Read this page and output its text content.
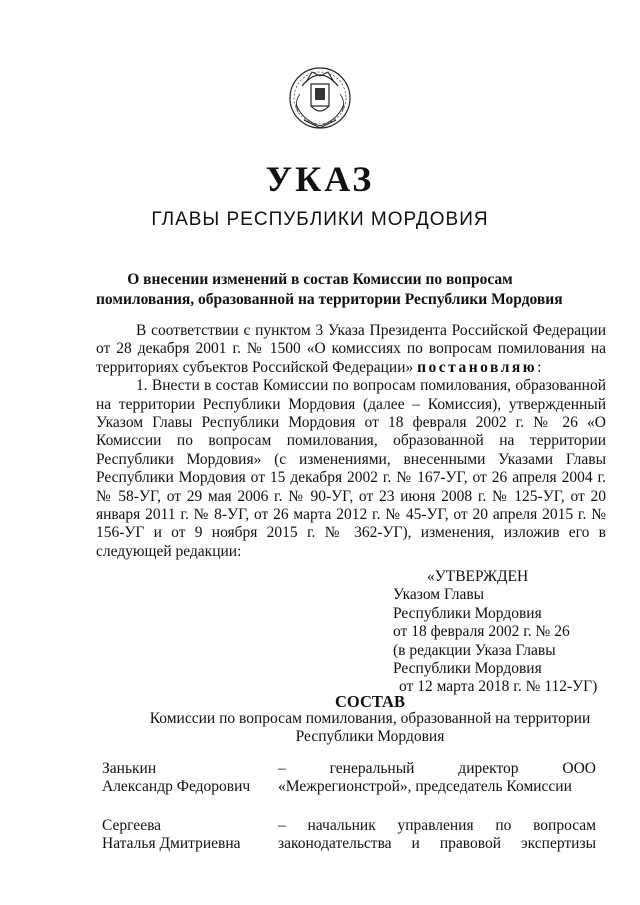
УКАЗ
ГЛАВЫ РЕСПУБЛИКИ МОРДОВИЯ
О внесении изменений в состав Комиссии по вопросам
помилования, образованной на территории Республики Мордовия

В соответствии с пунктом 3 Указа Президента Российской Федерации от 28 декабря 2001 г. № 1500 «О комиссиях по вопросам помилования на территориях субъектов Российской Федерации» постановляю:

1. Внести в состав Комиссии по вопросам помилования, образованной на территории Республики Мордовия (далее – Комиссия), утвержденный Указом Главы Республики Мордовия от 18 февраля 2002 г. № 26 «О Комиссии по вопросам помилования, образованной на территории Республики Мордовия» (с изменениями, внесенными Указами Главы Республики Мордовия от 15 декабря 2002 г. № 167-УГ, от 26 апреля 2004 г. № 58-УГ, от 29 мая 2006 г. № 90-УГ, от 23 июня 2008 г. № 125-УГ, от 20 января 2011 г. № 8-УГ, от 26 марта 2012 г. № 45-УГ, от 20 апреля 2015 г. № 156-УГ и от 9 ноября 2015 г. № 362-УГ), изменения, изложив его в следующей редакции:

«УТВЕРЖДЕН
Указом Главы
Республики Мордовия
от 18 февраля 2002 г. № 26
(в редакции Указа Главы
Республики Мордовия
от 12 марта 2018 г. № 112-УГ)
СОСТАВ
Комиссии по вопросам помилования, образованной на территории
Республики Мордовия
Занькин
Александр Федорович
– генеральный директор ООО
«Межрегионстрой», председатель Комиссии
Сергеева
Наталья Дмитриевна
– начальник управления по вопросам
законодательства и правовой экспертизы
